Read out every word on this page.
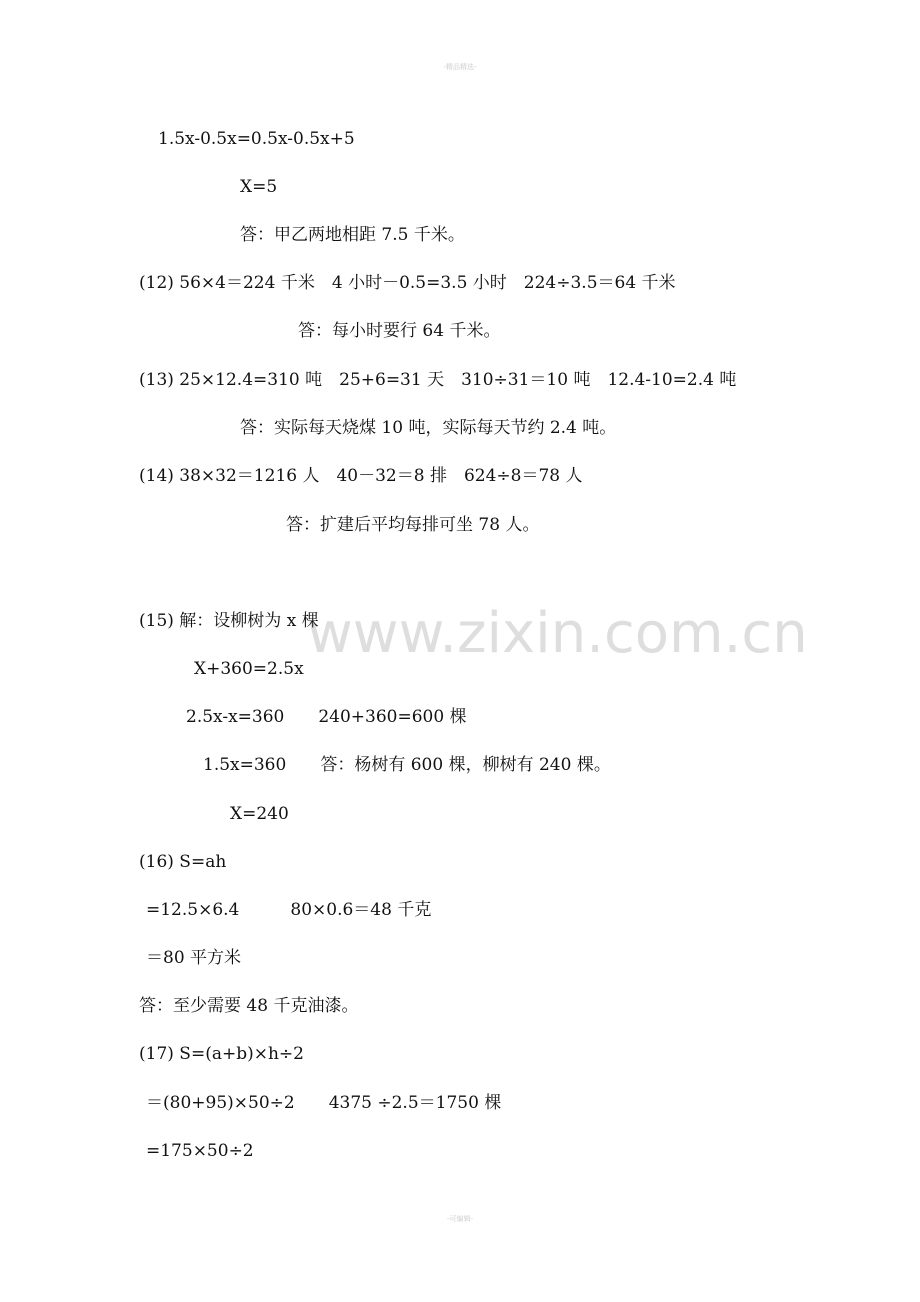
-精品精选-
www.zixin.com.cn
1.5x-0.5x=0.5x-0.5x+5
X=5
答：甲乙两地相距 7.5 千米。
(12) 56×4＝224 千米　4 小时－0.5=3.5 小时　224÷3.5＝64 千米
答：每小时要行 64 千米。
(13) 25×12.4=310 吨　25+6=31 天　310÷31＝10 吨　12.4-10=2.4 吨
答：实际每天烧煤 10 吨，实际每天节约 2.4 吨。
(14) 38×32＝1216 人　40－32＝8 排　624÷8＝78 人
答：扩建后平均每排可坐 78 人。
(15) 解：设柳树为 x 棵
X+360=2.5x
2.5x-x=360　　240+360=600 棵
1.5x=360　　答：杨树有 600 棵，柳树有 240 棵。
X=240
(16) S=ah
=12.5×6.4　　　80×0.6＝48 千克
＝80 平方米
答：至少需要 48 千克油漆。
(17) S=(a+b)×h÷2
＝(80+95)×50÷2　　4375 ÷2.5＝1750 棵
=175×50÷2
-可编辑-
